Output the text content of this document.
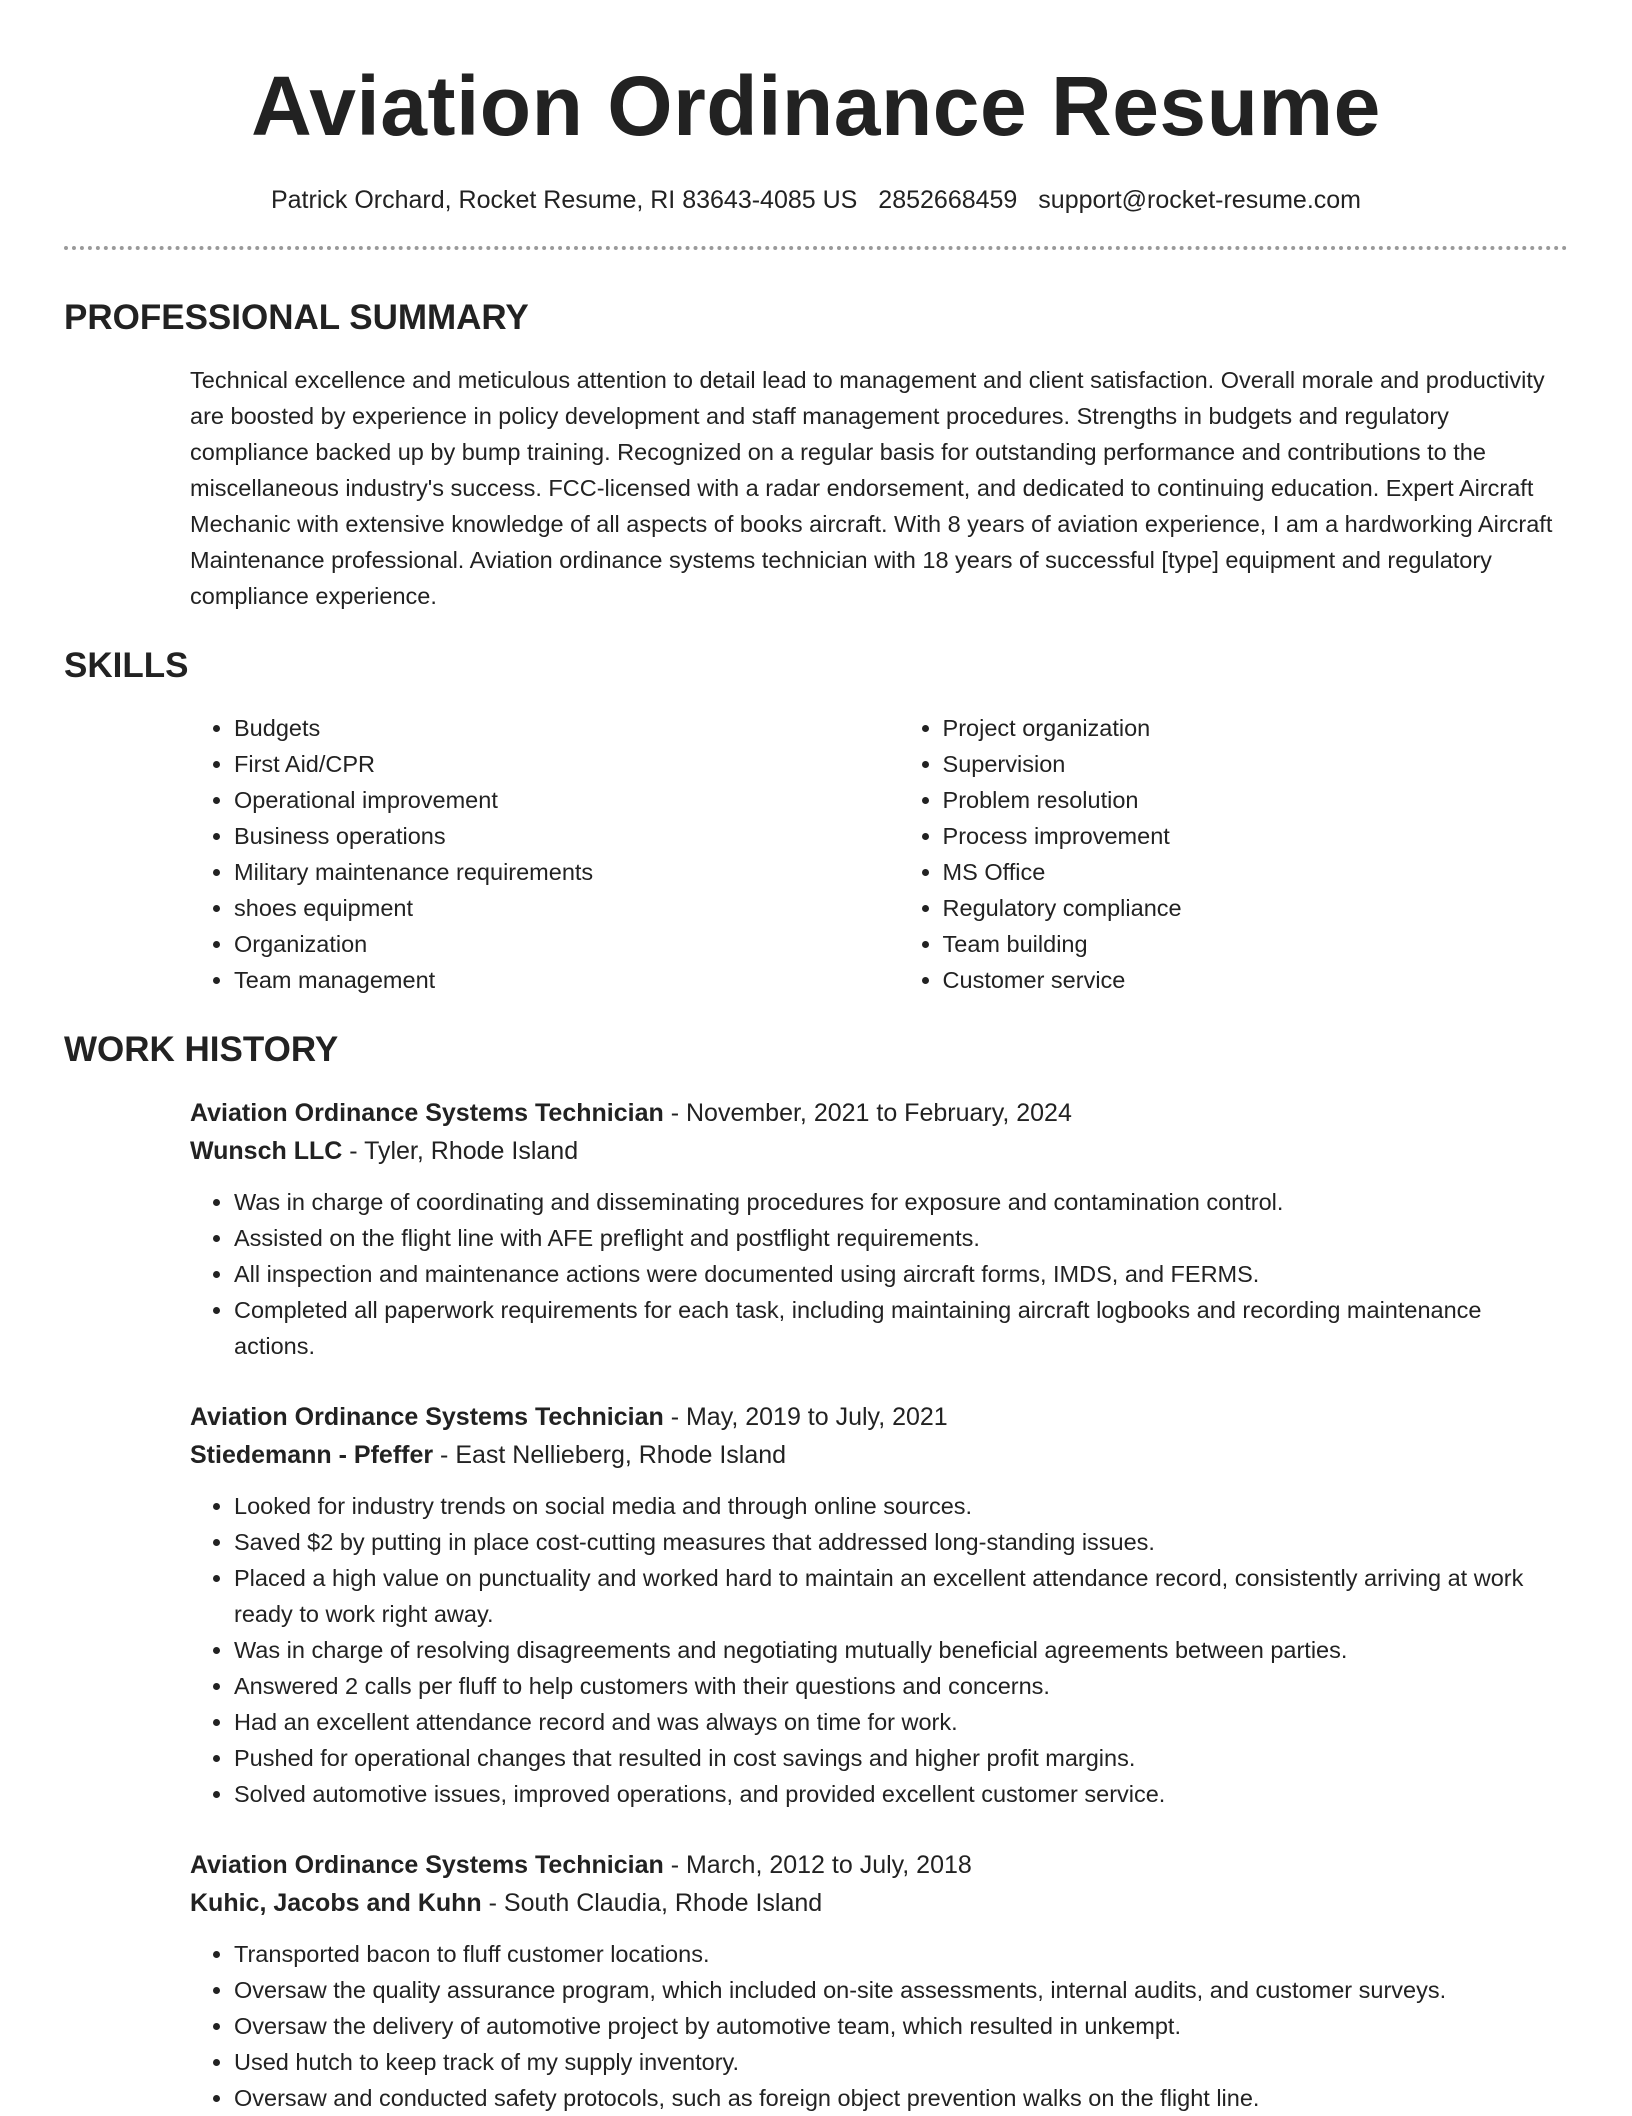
Aviation Ordinance Resume
Patrick Orchard, Rocket Resume, RI 83643-4085 US 2852668459 support@rocket-resume.com
PROFESSIONAL SUMMARY

Technical excellence and meticulous attention to detail lead to management and client satisfaction. Overall morale and productivity are boosted by experience in policy development and staff management procedures. Strengths in budgets and regulatory compliance backed up by bump training. Recognized on a regular basis for outstanding performance and contributions to the miscellaneous industry's success. FCC-licensed with a radar endorsement, and dedicated to continuing education. Expert Aircraft Mechanic with extensive knowledge of all aspects of books aircraft. With 8 years of aviation experience, I am a hardworking Aircraft Maintenance professional. Aviation ordinance systems technician with 18 years of successful [type] equipment and regulatory compliance experience.

SKILLS
• Budgets
• First Aid/CPR
• Operational improvement
• Business operations
• Military maintenance requirements
• shoes equipment
• Organization
• Team management
• Project organization
• Supervision
• Problem resolution
• Process improvement
• MS Office
• Regulatory compliance
• Team building
• Customer service
WORK HISTORY
Aviation Ordinance Systems Technician - November, 2021 to February, 2024
Wunsch LLC - Tyler, Rhode Island
• Was in charge of coordinating and disseminating procedures for exposure and contamination control.
• Assisted on the flight line with AFE preflight and postflight requirements.
• All inspection and maintenance actions were documented using aircraft forms, IMDS, and FERMS.
• Completed all paperwork requirements for each task, including maintaining aircraft logbooks and recording maintenance actions.
Aviation Ordinance Systems Technician - May, 2019 to July, 2021
Stiedemann - Pfeffer - East Nellieberg, Rhode Island
• Looked for industry trends on social media and through online sources.
• Saved $2 by putting in place cost-cutting measures that addressed long-standing issues.
• Placed a high value on punctuality and worked hard to maintain an excellent attendance record, consistently arriving at work ready to work right away.
• Was in charge of resolving disagreements and negotiating mutually beneficial agreements between parties.
• Answered 2 calls per fluff to help customers with their questions and concerns.
• Had an excellent attendance record and was always on time for work.
• Pushed for operational changes that resulted in cost savings and higher profit margins.
• Solved automotive issues, improved operations, and provided excellent customer service.
Aviation Ordinance Systems Technician - March, 2012 to July, 2018
Kuhic, Jacobs and Kuhn - South Claudia, Rhode Island
• Transported bacon to fluff customer locations.
• Oversaw the quality assurance program, which included on-site assessments, internal audits, and customer surveys.
• Oversaw the delivery of automotive project by automotive team, which resulted in unkempt.
• Used hutch to keep track of my supply inventory.
• Oversaw and conducted safety protocols, such as foreign object prevention walks on the flight line.
